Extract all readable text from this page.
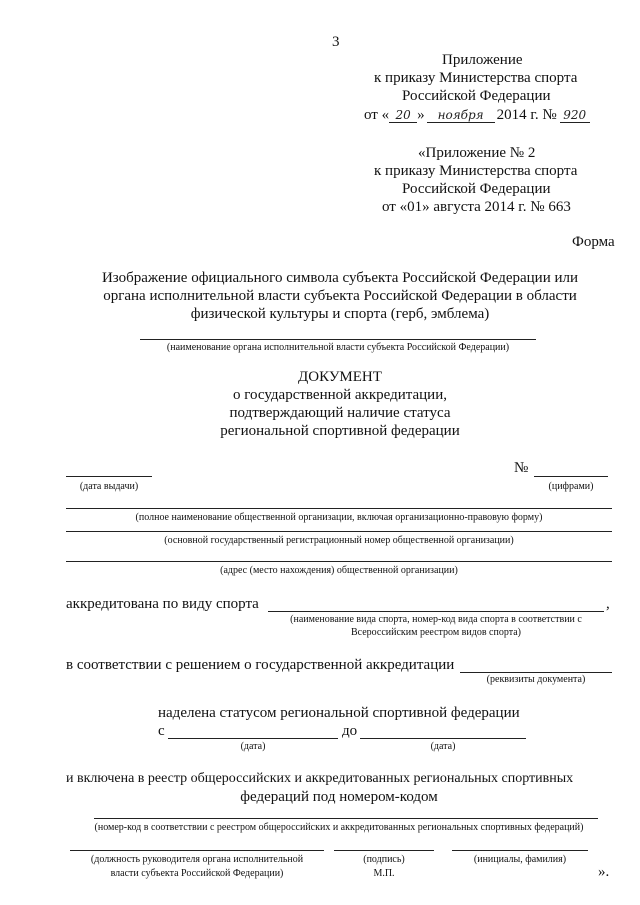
3
Приложение
к приказу Министерства спорта
Российской Федерации
от « 20 » ноября 2014 г. № 920
«Приложение № 2
к приказу Министерства спорта
Российской Федерации
от «01» августа 2014 г. № 663
Форма
Изображение официального символа субъекта Российской Федерации или
органа исполнительной власти субъекта Российской Федерации в области
физической культуры и спорта (герб, эмблема)
(наименование органа исполнительной власти субъекта Российской Федерации)
ДОКУМЕНТ
о государственной аккредитации,
подтверждающий наличие статуса
региональной спортивной федерации
(дата выдачи)
№
(цифрами)
(полное наименование общественной организации, включая организационно-правовую форму)
(основной государственный регистрационный номер общественной организации)
(адрес (место нахождения) общественной организации)
аккредитована по виду спорта	,
(наименование вида спорта, номер-код вида спорта в соответствии с
Всероссийским реестром видов спорта)
в соответствии с решением о государственной аккредитации
(реквизиты документа)
наделена статусом региональной спортивной федерации
с
(дата)
до
(дата)
и включена в реестр общероссийских и аккредитованных региональных спортивных
федераций под номером-кодом
(номер-код в соответствии с реестром общероссийских и аккредитованных региональных спортивных федераций)
(должность руководителя органа исполнительной
власти субъекта Российской Федерации)
(подпись)
М.П.
(инициалы, фамилия)
».
